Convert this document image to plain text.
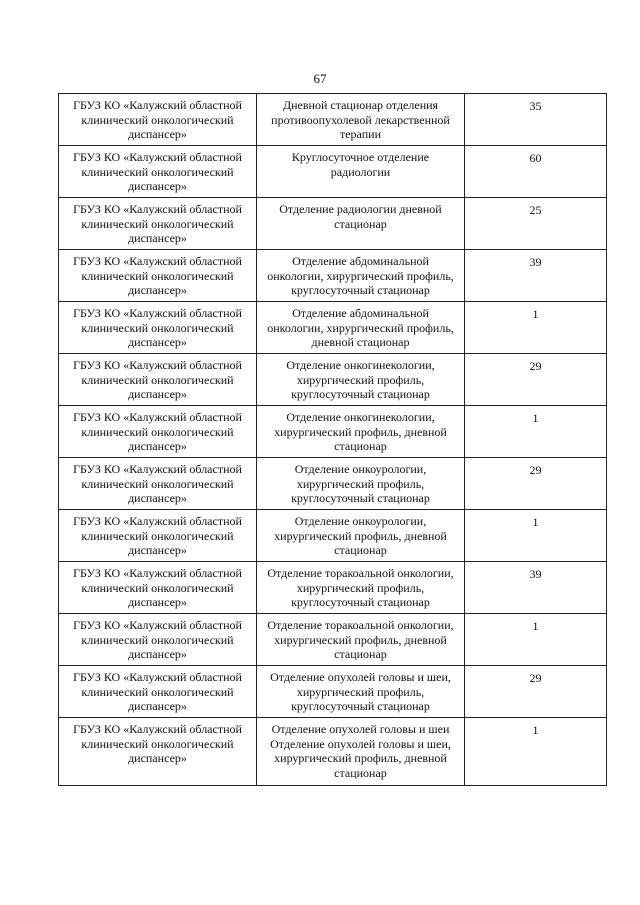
67
ГБУЗ КО «Калужский областной
клинический онкологический
диспансер»	Дневной стационар отделения
противоопухолевой лекарственной
терапии	35

ГБУЗ КО «Калужский областной
клинический онкологический
диспансер»	Круглосуточное отделение
радиологии	60

ГБУЗ КО «Калужский областной
клинический онкологический
диспансер»	Отделение радиологии дневной
стационар	25

ГБУЗ КО «Калужский областной
клинический онкологический
диспансер»	Отделение абдоминальной
онкологии, хирургический профиль,
круглосуточный стационар	39

ГБУЗ КО «Калужский областной
клинический онкологический
диспансер»	Отделение абдоминальной
онкологии, хирургический профиль,
дневной стационар	1

ГБУЗ КО «Калужский областной
клинический онкологический
диспансер»	Отделение онкогинекологии,
хирургический профиль,
круглосуточный стационар	29

ГБУЗ КО «Калужский областной
клинический онкологический
диспансер»	Отделение онкогинекологии,
хирургический профиль, дневной
стационар	1

ГБУЗ КО «Калужский областной
клинический онкологический
диспансер»	Отделение онкоурологии,
хирургический профиль,
круглосуточный стационар	29

ГБУЗ КО «Калужский областной
клинический онкологический
диспансер»	Отделение онкоурологии,
хирургический профиль, дневной
стационар	1

ГБУЗ КО «Калужский областной
клинический онкологический
диспансер»	Отделение торакоальной онкологии,
хирургический профиль,
круглосуточный стационар	39

ГБУЗ КО «Калужский областной
клинический онкологический
диспансер»	Отделение торакоальной онкологии,
хирургический профиль, дневной
стационар	1

ГБУЗ КО «Калужский областной
клинический онкологический
диспансер»	Отделение опухолей головы и шеи,
хирургический профиль,
круглосуточный стационар	29

ГБУЗ КО «Калужский областной
клинический онкологический
диспансер»	Отделение опухолей головы и шеи
Отделение опухолей головы и шеи,
хирургический профиль, дневной
стационар	1
